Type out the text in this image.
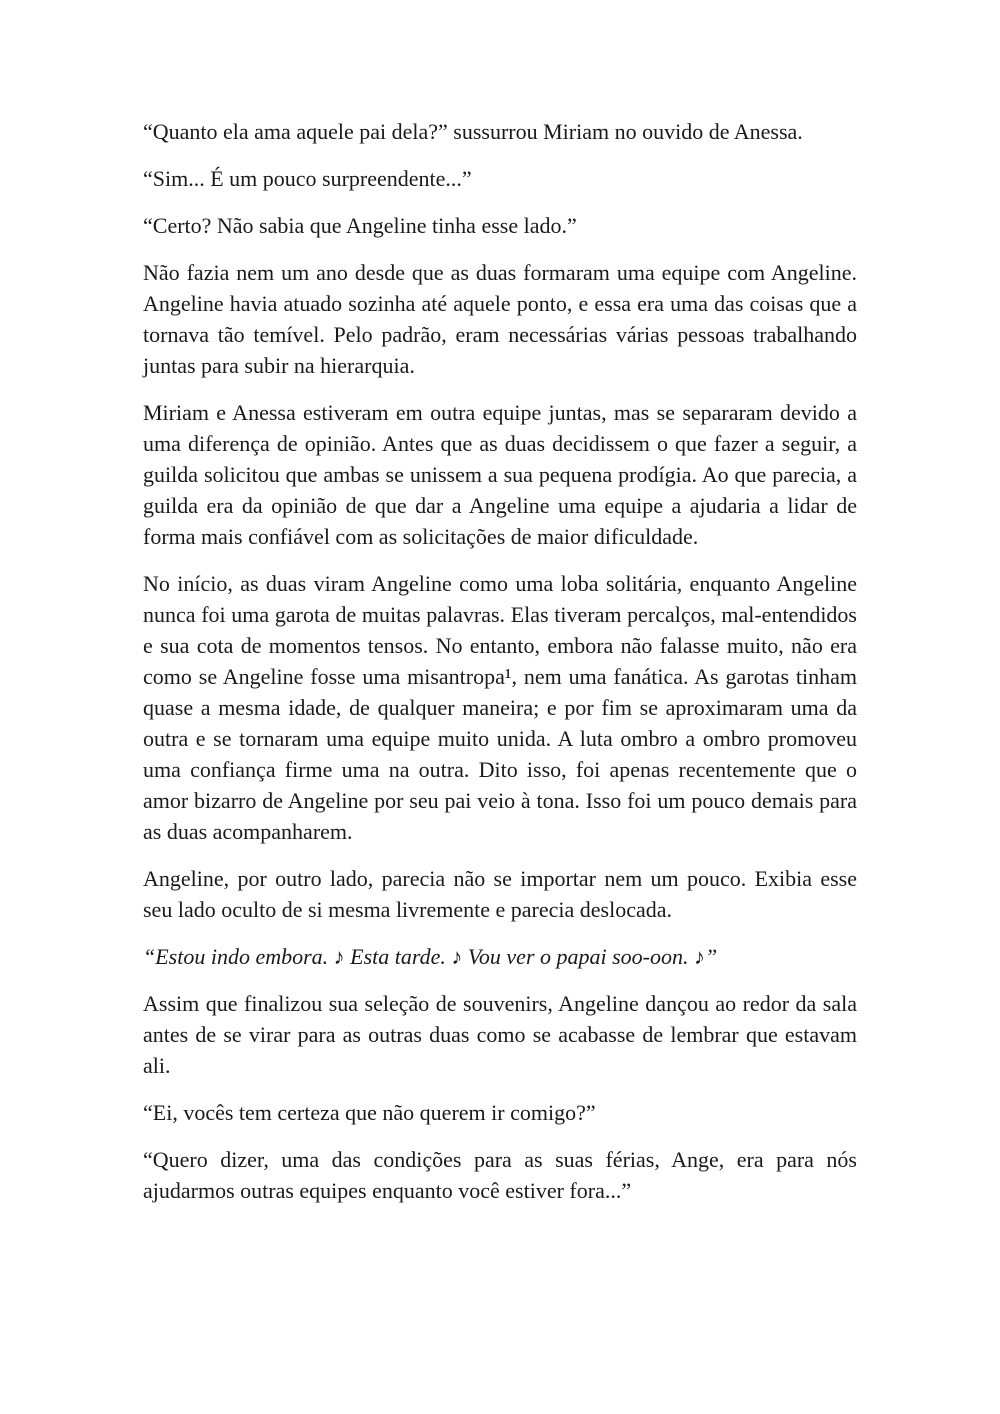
“Quanto ela ama aquele pai dela?” sussurrou Miriam no ouvido de Anessa.

“Sim... É um pouco surpreendente...”

“Certo? Não sabia que Angeline tinha esse lado.”

Não fazia nem um ano desde que as duas formaram uma equipe com Angeline. Angeline havia atuado sozinha até aquele ponto, e essa era uma das coisas que a tornava tão temível. Pelo padrão, eram necessárias várias pessoas trabalhando juntas para subir na hierarquia.

Miriam e Anessa estiveram em outra equipe juntas, mas se separaram devido a uma diferença de opinião. Antes que as duas decidissem o que fazer a seguir, a guilda solicitou que ambas se unissem a sua pequena prodígia. Ao que parecia, a guilda era da opinião de que dar a Angeline uma equipe a ajudaria a lidar de forma mais confiável com as solicitações de maior dificuldade.

No início, as duas viram Angeline como uma loba solitária, enquanto Angeline nunca foi uma garota de muitas palavras. Elas tiveram percalços, mal-entendidos e sua cota de momentos tensos. No entanto, embora não falasse muito, não era como se Angeline fosse uma misantropa¹, nem uma fanática. As garotas tinham quase a mesma idade, de qualquer maneira; e por fim se aproximaram uma da outra e se tornaram uma equipe muito unida. A luta ombro a ombro promoveu uma confiança firme uma na outra. Dito isso, foi apenas recentemente que o amor bizarro de Angeline por seu pai veio à tona. Isso foi um pouco demais para as duas acompanharem.

Angeline, por outro lado, parecia não se importar nem um pouco. Exibia esse seu lado oculto de si mesma livremente e parecia deslocada.

“Estou indo embora. ♪ Esta tarde. ♪ Vou ver o papai soo-oon. ♪”

Assim que finalizou sua seleção de souvenirs, Angeline dançou ao redor da sala antes de se virar para as outras duas como se acabasse de lembrar que estavam ali.

“Ei, vocês tem certeza que não querem ir comigo?”

“Quero dizer, uma das condições para as suas férias, Ange, era para nós ajudarmos outras equipes enquanto você estiver fora...”
